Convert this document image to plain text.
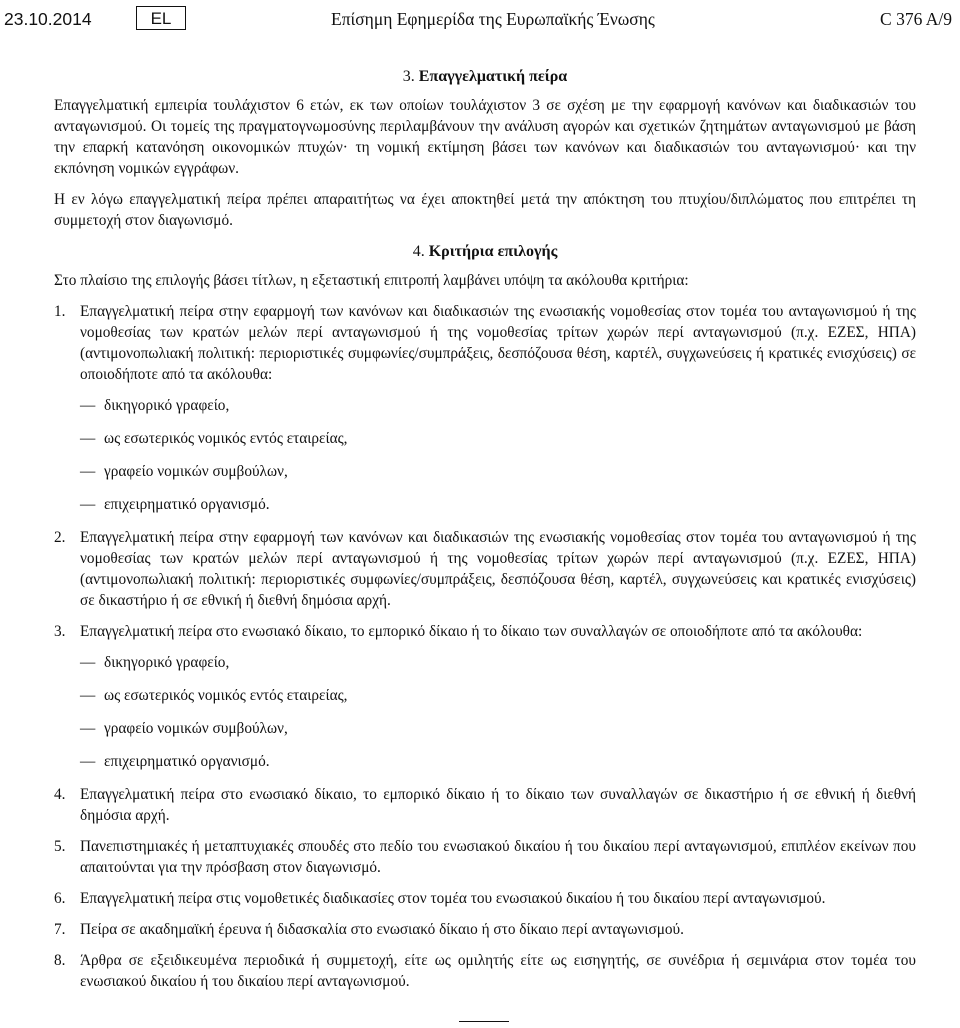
23.10.2014	EL	Επίσημη Εφημερίδα της Ευρωπαϊκής Ένωσης	C 376 A/9
3. Επαγγελματική πείρα

Επαγγελματική εμπειρία τουλάχιστον 6 ετών, εκ των οποίων τουλάχιστον 3 σε σχέση με την εφαρμογή κανόνων και διαδικασιών του ανταγωνισμού. Οι τομείς της πραγματογνωμοσύνης περιλαμβάνουν την ανάλυση αγορών και σχετικών ζητημάτων ανταγωνισμού με βάση την επαρκή κατανόηση οικονομικών πτυχών· τη νομική εκτίμηση βάσει των κανόνων και διαδικασιών του ανταγωνισμού· και την εκπόνηση νομικών εγγράφων.

Η εν λόγω επαγγελματική πείρα πρέπει απαραιτήτως να έχει αποκτηθεί μετά την απόκτηση του πτυχίου/διπλώματος που επιτρέπει τη συμμετοχή στον διαγωνισμό.

4. Κριτήρια επιλογής

Στο πλαίσιο της επιλογής βάσει τίτλων, η εξεταστική επιτροπή λαμβάνει υπόψη τα ακόλουθα κριτήρια:

1. Επαγγελματική πείρα στην εφαρμογή των κανόνων και διαδικασιών της ενωσιακής νομοθεσίας στον τομέα του ανταγωνισμού ή της νομοθεσίας των κρατών μελών περί ανταγωνισμού ή της νομοθεσίας τρίτων χωρών περί ανταγωνισμού (π.χ. ΕΖΕΣ, ΗΠΑ) (αντιμονοπωλιακή πολιτική: περιοριστικές συμφωνίες/συμπράξεις, δεσπόζουσα θέση, καρτέλ, συγχωνεύσεις ή κρατικές ενισχύσεις) σε οποιοδήποτε από τα ακόλουθα:
— δικηγορικό γραφείο,
— ως εσωτερικός νομικός εντός εταιρείας,
— γραφείο νομικών συμβούλων,
— επιχειρηματικό οργανισμό.
2. Επαγγελματική πείρα στην εφαρμογή των κανόνων και διαδικασιών της ενωσιακής νομοθεσίας στον τομέα του ανταγωνισμού ή της νομοθεσίας των κρατών μελών περί ανταγωνισμού ή της νομοθεσίας τρίτων χωρών περί ανταγωνισμού (π.χ. ΕΖΕΣ, ΗΠΑ) (αντιμονοπωλιακή πολιτική: περιοριστικές συμφωνίες/συμπράξεις, δεσπόζουσα θέση, καρτέλ, συγχωνεύσεις και κρατικές ενισχύσεις) σε δικαστήριο ή σε εθνική ή διεθνή δημόσια αρχή.
3. Επαγγελματική πείρα στο ενωσιακό δίκαιο, το εμπορικό δίκαιο ή το δίκαιο των συναλλαγών σε οποιοδήποτε από τα ακόλουθα:
— δικηγορικό γραφείο,
— ως εσωτερικός νομικός εντός εταιρείας,
— γραφείο νομικών συμβούλων,
— επιχειρηματικό οργανισμό.
4. Επαγγελματική πείρα στο ενωσιακό δίκαιο, το εμπορικό δίκαιο ή το δίκαιο των συναλλαγών σε δικαστήριο ή σε εθνική ή διεθνή δημόσια αρχή.
5. Πανεπιστημιακές ή μεταπτυχιακές σπουδές στο πεδίο του ενωσιακού δικαίου ή του δικαίου περί ανταγωνισμού, επιπλέον εκείνων που απαιτούνται για την πρόσβαση στον διαγωνισμό.
6. Επαγγελματική πείρα στις νομοθετικές διαδικασίες στον τομέα του ενωσιακού δικαίου ή του δικαίου περί ανταγωνισμού.
7. Πείρα σε ακαδημαϊκή έρευνα ή διδασκαλία στο ενωσιακό δίκαιο ή στο δίκαιο περί ανταγωνισμού.
8. Άρθρα σε εξειδικευμένα περιοδικά ή συμμετοχή, είτε ως ομιλητής είτε ως εισηγητής, σε συνέδρια ή σεμινάρια στον τομέα του ενωσιακού δικαίου ή του δικαίου περί ανταγωνισμού.
